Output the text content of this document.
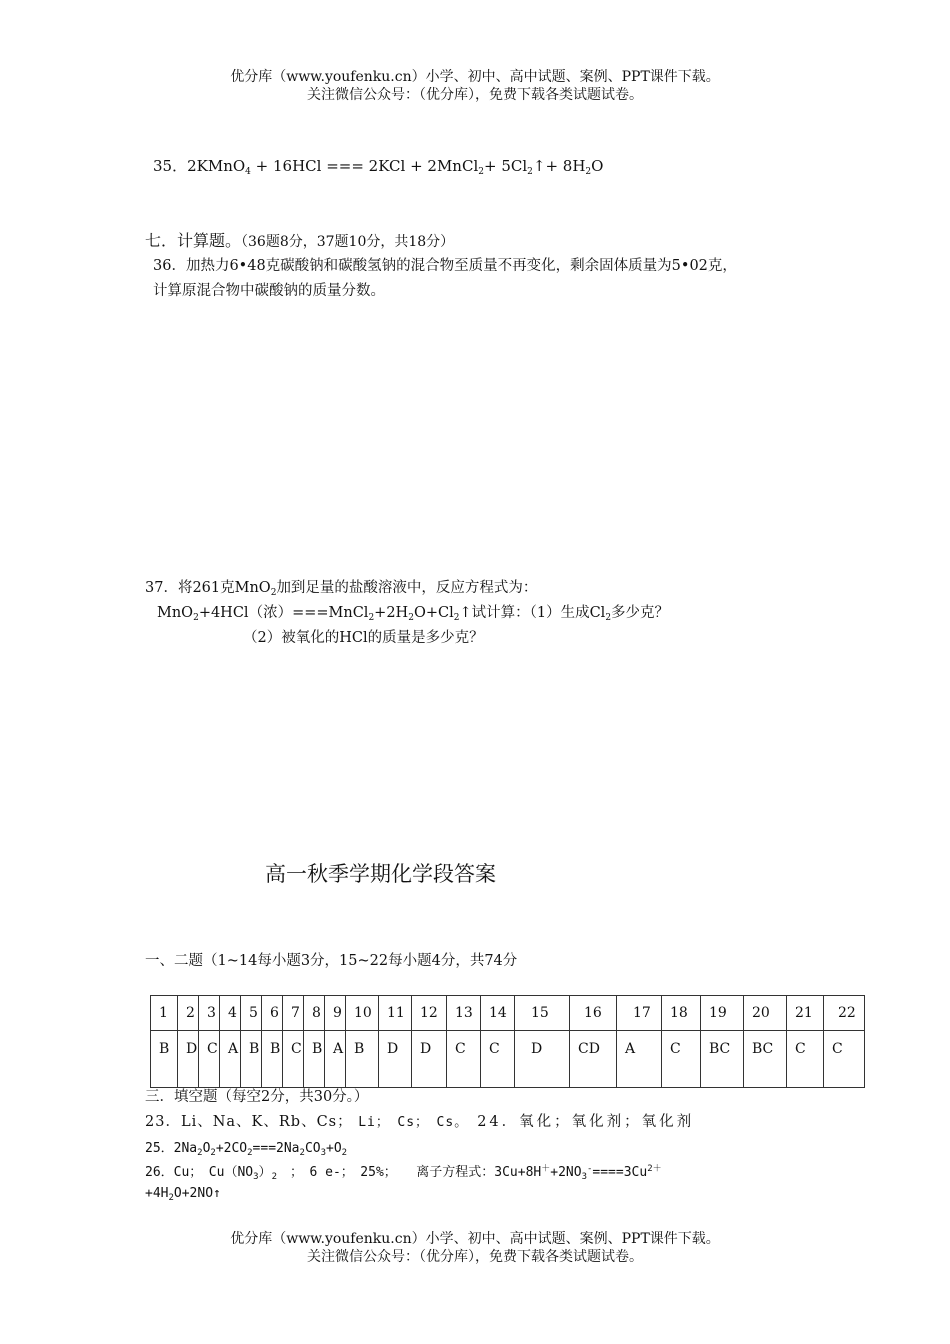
优分库（www.youfenku.cn）小学、初中、高中试题、案例、PPT课件下载。
关注微信公众号：（优分库），免费下载各类试题试卷。
35．2KMnO$_4$ + 16HCl === 2KCl + 2MnCl$_2$+ $5Cl_2↑+ 8H_2O$
七．计算题。（36题8分，37题10分，共18分）
36．加热力6•48克碳酸钠和碳酸氢钠的混合物至质量不再变化，剩余固体质量为5•02克，
计算原混合物中碳酸钠的质量分数。
37．将261克MnO$_2$加到足量的盐酸溶液中，反应方程式为：
MnO$_2$+4HCl（浓）$===MnCl_2+2H_2O+Cl_2↑$试计算：（1）生成$Cl_2$多少克？
（2）被氧化的HCl的质量是多少克？
高一秋季学期化学段答案
一、二题（1~14每小题3分，15~22每小题4分，共74分
1	2	3	4	5	6	7	8	9	10	11	12	13	14	15	16	17	18	19	20	21	22
B	D	C	A	B	B	C	B	A	B	D	D	C	C	D	CD	A	C	BC	BC	C	C
三．填空题（每空2分，共30分。）
23．Li、Na、K、Rb、Cs； Li；　Cs；　Cs。　 24．氧化；氧化剂；氧化剂
25．$2Na_2O_2+2CO_2===2Na_2CO_3+O_2$
26．Cu；　$Cu(NO_3)_2$　；　6 e-；　25%；　　离子方程式：$3Cu+8H^++2NO_3^-====3Cu^{2+}$
$+4H_2O+2NO↑$
优分库（www.youfenku.cn）小学、初中、高中试题、案例、PPT课件下载。
关注微信公众号：（优分库），免费下载各类试题试卷。
